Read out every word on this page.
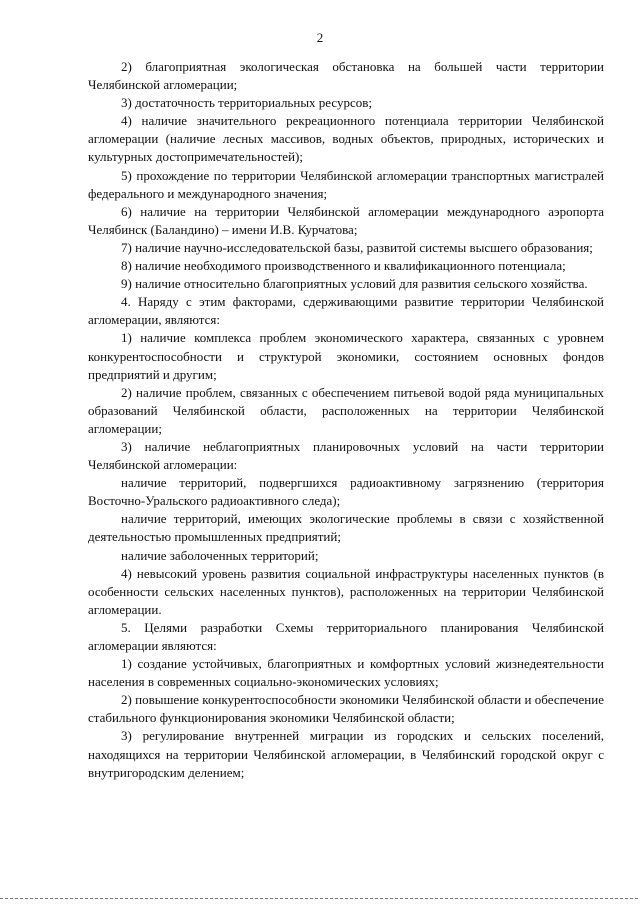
2

2) благоприятная экологическая обстановка на большей части территории Челябинской агломерации;

3) достаточность территориальных ресурсов;

4) наличие значительного рекреационного потенциала территории Челябинской агломерации (наличие лесных массивов, водных объектов, природных, исторических и культурных достопримечательностей);

5) прохождение по территории Челябинской агломерации транспортных магистралей федерального и международного значения;

6) наличие на территории Челябинской агломерации международного аэропорта Челябинск (Баландино) – имени И.В. Курчатова;

7) наличие научно-исследовательской базы, развитой системы высшего образования;

8) наличие необходимого производственного и квалификационного потенциала;

9) наличие относительно благоприятных условий для развития сельского хозяйства.

4. Наряду с этим факторами, сдерживающими развитие территории Челябинской агломерации, являются:

1) наличие комплекса проблем экономического характера, связанных с уровнем конкурентоспособности и структурой экономики, состоянием основных фондов предприятий и другим;

2) наличие проблем, связанных с обеспечением питьевой водой ряда муниципальных образований Челябинской области, расположенных на территории Челябинской агломерации;

3) наличие неблагоприятных планировочных условий на части территории Челябинской агломерации:

наличие территорий, подвергшихся радиоактивному загрязнению (территория Восточно-Уральского радиоактивного следа);

наличие территорий, имеющих экологические проблемы в связи с хозяйственной деятельностью промышленных предприятий;

наличие заболоченных территорий;

4) невысокий уровень развития социальной инфраструктуры населенных пунктов (в особенности сельских населенных пунктов), расположенных на территории Челябинской агломерации.

5. Целями разработки Схемы территориального планирования Челябинской агломерации являются:

1) создание устойчивых, благоприятных и комфортных условий жизнедеятельности населения в современных социально-экономических условиях;

2) повышение конкурентоспособности экономики Челябинской области и обеспечение стабильного функционирования экономики Челябинской области;

3) регулирование внутренней миграции из городских и сельских поселений, находящихся на территории Челябинской агломерации, в Челябинский городской округ с внутригородским делением;
